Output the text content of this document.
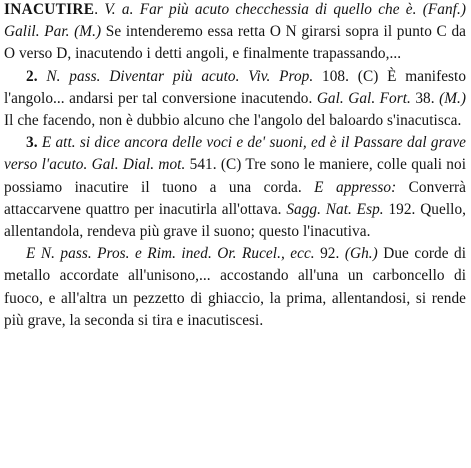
INACUTIRE. V. a. Far più acuto checchessia di quello che è. (Fanf.) Galil. Par. (M.) Se intenderemo essa retta O N girarsi sopra il punto C da O verso D, inacutendo i detti angoli, e finalmente trapassando,...

2. N. pass. Diventar più acuto. Viv. Prop. 108. (C) È manifesto l'angolo... andarsi per tal conversione inacutendo. Gal. Gal. Fort. 38. (M.) Il che facendo, non è dubbio alcuno che l'angolo del baloardo s'inacutisca.

3. E att. si dice ancora delle voci e de' suoni, ed è il Passare dal grave verso l'acuto. Gal. Dial. mot. 541. (C) Tre sono le maniere, colle quali noi possiamo inacutire il tuono a una corda. E appresso: Converrà attaccarvene quattro per inacutirla all'ottava. Sagg. Nat. Esp. 192. Quello, allentandola, rendeva più grave il suono; questo l'inacutiva.

E N. pass. Pros. e Rim. ined. Or. Rucel., ecc. 92. (Gh.) Due corde di metallo accordate all'unisono,... accostando all'una un carboncello di fuoco, e all'altra un pezzetto di ghiaccio, la prima, allentandosi, si rende più grave, la seconda si tira e inacutiscesi.
